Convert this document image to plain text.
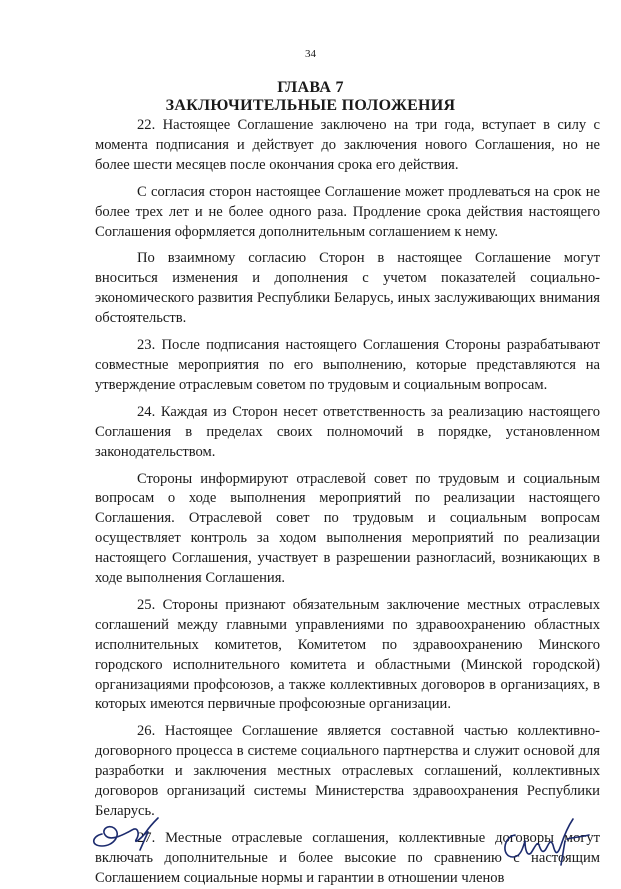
34
ГЛАВА 7
ЗАКЛЮЧИТЕЛЬНЫЕ ПОЛОЖЕНИЯ

22. Настоящее Соглашение заключено на три года, вступает в силу с момента подписания и действует до заключения нового Соглашения, но не более шести месяцев после окончания срока его действия.

С согласия сторон настоящее Соглашение может продлеваться на срок не более трех лет и не более одного раза. Продление срока действия настоящего Соглашения оформляется дополнительным соглашением к нему.

По взаимному согласию Сторон в настоящее Соглашение могут вноситься изменения и дополнения с учетом показателей социально-экономического развития Республики Беларусь, иных заслуживающих внимания обстоятельств.

23. После подписания настоящего Соглашения Стороны разрабатывают совместные мероприятия по его выполнению, которые представляются на утверждение отраслевым советом по трудовым и социальным вопросам.

24. Каждая из Сторон несет ответственность за реализацию настоящего Соглашения в пределах своих полномочий в порядке, установленном законодательством.

Стороны информируют отраслевой совет по трудовым и социальным вопросам о ходе выполнения мероприятий по реализации настоящего Соглашения. Отраслевой совет по трудовым и социальным вопросам осуществляет контроль за ходом выполнения мероприятий по реализации настоящего Соглашения, участвует в разрешении разногласий, возникающих в ходе выполнения Соглашения.

25. Стороны признают обязательным заключение местных отраслевых соглашений между главными управлениями по здравоохранению областных исполнительных комитетов, Комитетом по здравоохранению Минского городского исполнительного комитета и областными (Минской городской) организациями профсоюзов, а также коллективных договоров в организациях, в которых имеются первичные профсоюзные организации.

26. Настоящее Соглашение является составной частью коллективно-договорного процесса в системе социального партнерства и служит основой для разработки и заключения местных отраслевых соглашений, коллективных договоров организаций системы Министерства здравоохранения Республики Беларусь.

27. Местные отраслевые соглашения, коллективные договоры могут включать дополнительные и более высокие по сравнению с настоящим Соглашением социальные нормы и гарантии в отношении членов
